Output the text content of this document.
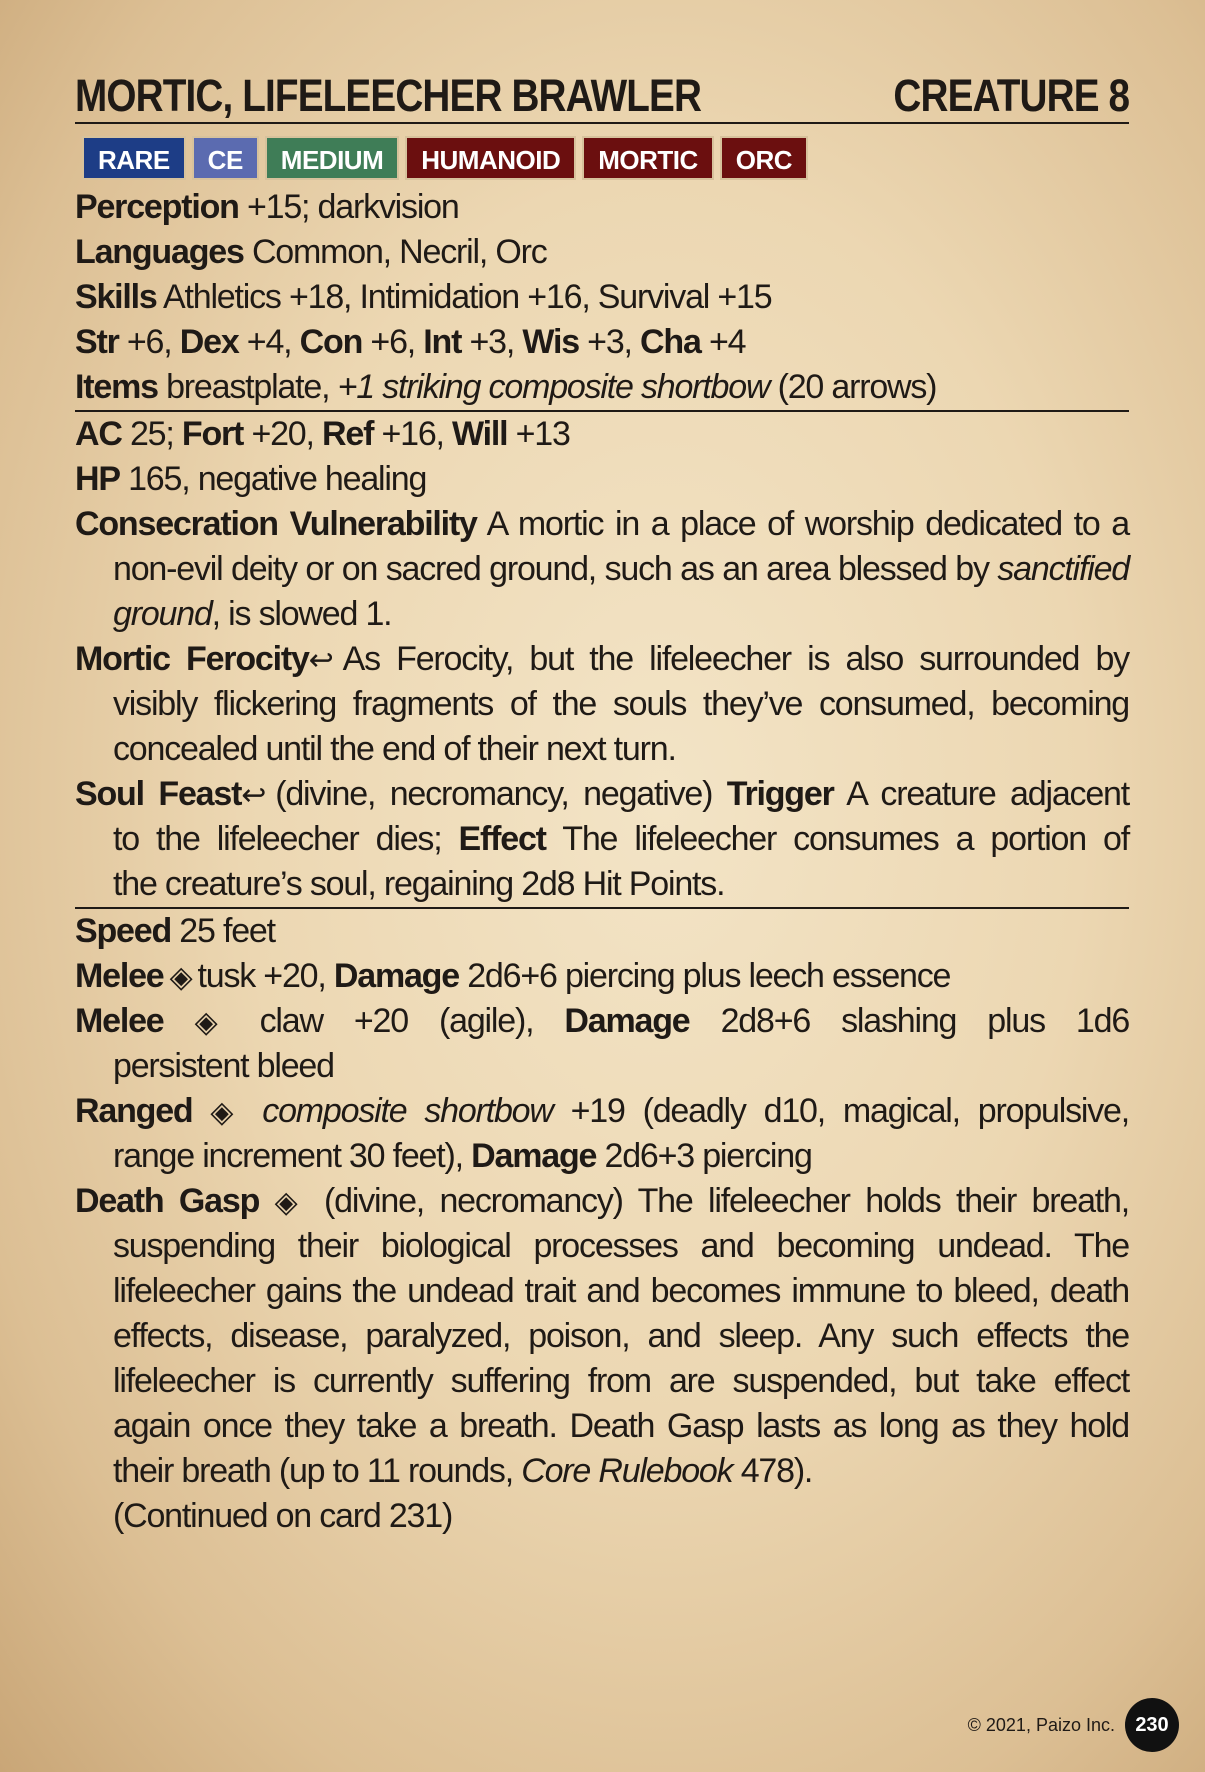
MORTIC, LIFELEECHER BRAWLER	CREATURE 8
RARE	CE	MEDIUM	HUMANOID	MORTIC	ORC
Perception +15; darkvision
Languages Common, Necril, Orc
Skills Athletics +18, Intimidation +16, Survival +15
Str +6, Dex +4, Con +6, Int +3, Wis +3, Cha +4
Items breastplate, +1 striking composite shortbow (20 arrows)
AC 25; Fort +20, Ref +16, Will +13
HP 165, negative healing
Consecration Vulnerability A mortic in a place of worship dedicated to a
non-evil deity or on sacred ground, such as an area blessed by sanctified
ground, is slowed 1.
Mortic Ferocity↩ As Ferocity, but the lifeleecher is also surrounded by
visibly flickering fragments of the souls they’ve consumed, becoming
concealed until the end of their next turn.
Soul Feast↩ (divine, necromancy, negative) Trigger A creature adjacent
to the lifeleecher dies; Effect The lifeleecher consumes a portion of
the creature’s soul, regaining 2d8 Hit Points.
Speed 25 feet
Melee ◈ tusk +20, Damage 2d6+6 piercing plus leech essence
Melee ◈ claw +20 (agile), Damage 2d8+6 slashing plus 1d6
persistent bleed
Ranged ◈ composite shortbow +19 (deadly d10, magical, propulsive,
range increment 30 feet), Damage 2d6+3 piercing
Death Gasp ◈ (divine, necromancy) The lifeleecher holds their breath,
suspending their biological processes and becoming undead. The
lifeleecher gains the undead trait and becomes immune to bleed, death
effects, disease, paralyzed, poison, and sleep. Any such effects the
lifeleecher is currently suffering from are suspended, but take effect
again once they take a breath. Death Gasp lasts as long as they hold
their breath (up to 11 rounds, Core Rulebook 478).
(Continued on card 231)
© 2021, Paizo Inc.	230
